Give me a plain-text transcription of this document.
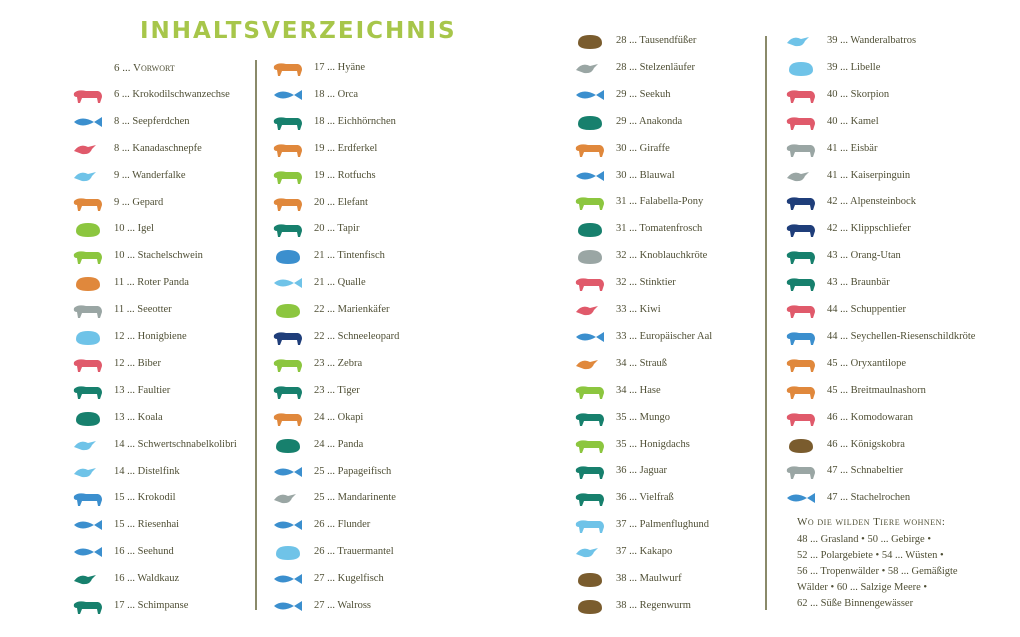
INHALTSVERZEICHNIS
6 ... Vorwort
6 ... Krokodilschwanzechse
8 ... Seepferdchen
8 ... Kanadaschnepfe
9 ... Wanderfalke
9 ... Gepard
10 ... Igel
10 ... Stachelschwein
11 ... Roter Panda
11 ... Seeotter
12 ... Honigbiene
12 ... Biber
13 ... Faultier
13 ... Koala
14 ... Schwertschnabelkolibri
14 ... Distelfink
15 ... Krokodil
15 ... Riesenhai
16 ... Seehund
16 ... Waldkauz
17 ... Schimpanse
17 ... Hyäne
18 ... Orca
18 ... Eichhörnchen
19 ... Erdferkel
19 ... Rotfuchs
20 ... Elefant
20 ... Tapir
21 ... Tintenfisch
21 ... Qualle
22 ... Marienkäfer
22 ... Schneeleopard
23 ... Zebra
23 ... Tiger
24 ... Okapi
24 ... Panda
25 ... Papageifisch
25 ... Mandarinente
26 ... Flunder
26 ... Trauermantel
27 ... Kugelfisch
27 ... Walross
28 ... Tausendfüßer
28 ... Stelzenläufer
29 ... Seekuh
29 ... Anakonda
30 ... Giraffe
30 ... Blauwal
31 ... Falabella-Pony
31 ... Tomatenfrosch
32 ... Knoblauchkröte
32 ... Stinktier
33 ... Kiwi
33 ... Europäischer Aal
34 ... Strauß
34 ... Hase
35 ... Mungo
35 ... Honigdachs
36 ... Jaguar
36 ... Vielfraß
37 ... Palmenflughund
37 ... Kakapo
38 ... Maulwurf
38 ... Regenwurm
39 ... Wanderalbatros
39 ... Libelle
40 ... Skorpion
40 ... Kamel
41 ... Eisbär
41 ... Kaiserpinguin
42 ... Alpensteinbock
42 ... Klippschliefer
43 ... Orang-Utan
43 ... Braunbär
44 ... Schuppentier
44 ... Seychellen-Riesenschildkröte
45 ... Oryxantilope
45 ... Breitmaulnashorn
46 ... Komodowaran
46 ... Königskobra
47 ... Schnabeltier
47 ... Stachelrochen
Wo die wilden Tiere wohnen:
48 ... Grasland • 50 ... Gebirge •
52 ... Polargebiete • 54 ... Wüsten •
56 ... Tropenwälder • 58 ... Gemäßigte
Wälder • 60 ... Salzige Meere •
62 ... Süße Binnengewässer
